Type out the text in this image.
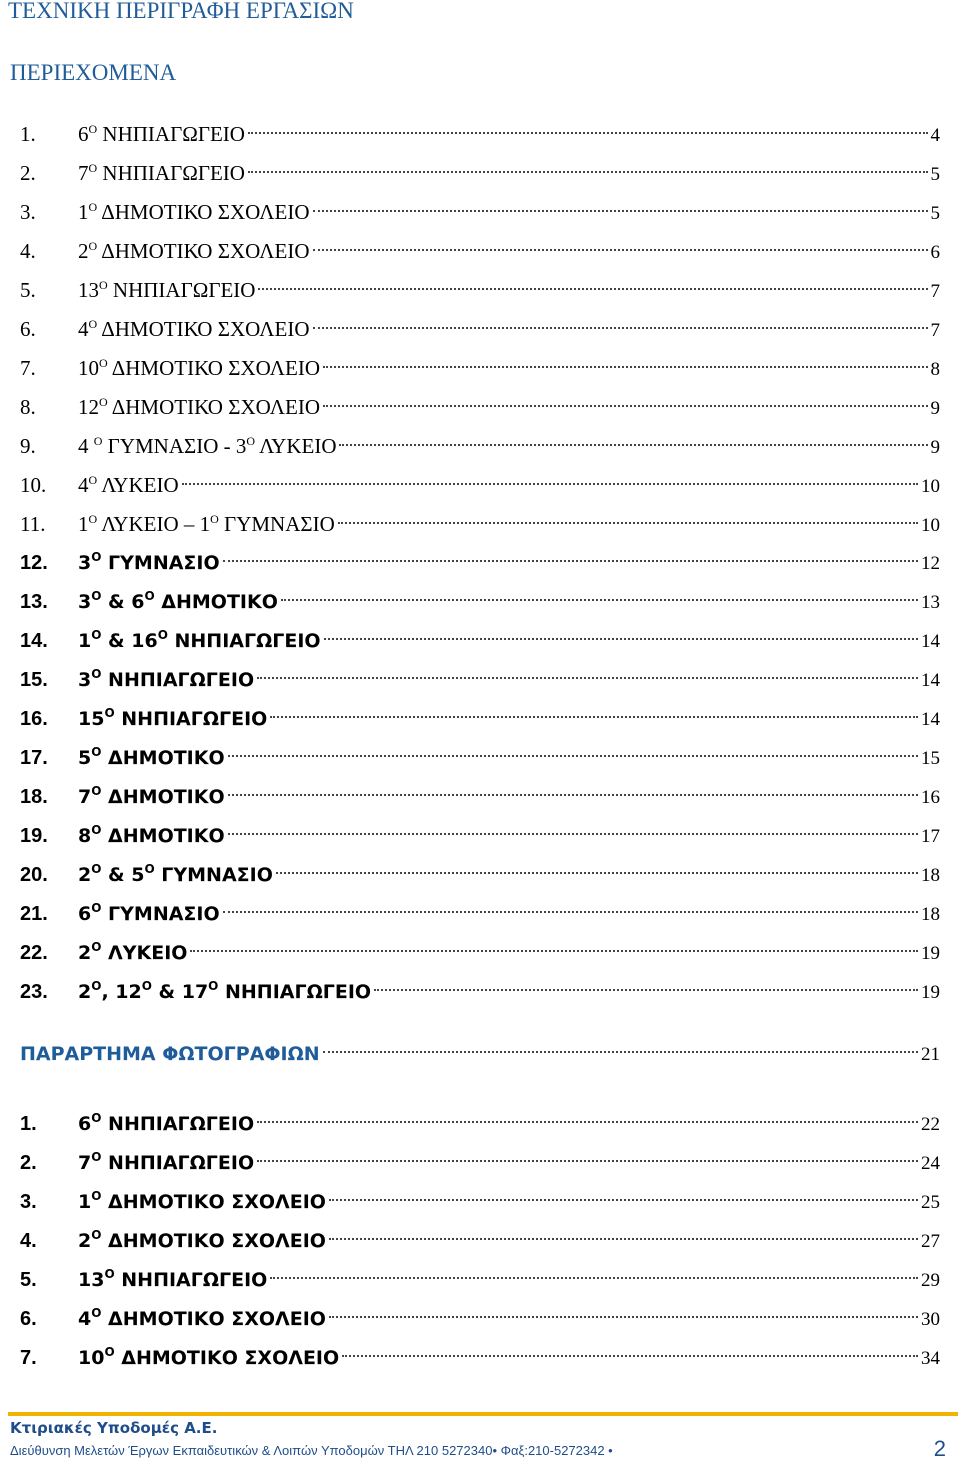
ΤΕΧΝΙΚΗ ΠΕΡΙΓΡΑΦΗ ΕΡΓΑΣΙΩΝ
ΠΕΡΙΕΧΟΜΕΝΑ
1.	$6^O$ ΝΗΠΙΑΓΩΓΕΙΟ	4
2.	$7^O$ ΝΗΠΙΑΓΩΓΕΙΟ	5
3.	$1^O$ ΔΗΜΟΤΙΚΟ ΣΧΟΛΕΙΟ	5
4.	$2^O$ ΔΗΜΟΤΙΚΟ ΣΧΟΛΕΙΟ	6
5.	$13^O$ ΝΗΠΙΑΓΩΓΕΙΟ	7
6.	$4^O$ ΔΗΜΟΤΙΚΟ ΣΧΟΛΕΙΟ	7
7.	$10^O$ ΔΗΜΟΤΙΚΟ ΣΧΟΛΕΙΟ	8
8.	$12^O$ ΔΗΜΟΤΙΚΟ ΣΧΟΛΕΙΟ	9
9.	4 $^O$ ΓΥΜΝΑΣΙΟ - $3^O$ ΛΥΚΕΙΟ	9
10.	$4^O$ ΛΥΚΕΙΟ	10
11.	$1^O$ ΛΥΚΕΙΟ – $1^O$ ΓΥΜΝΑΣΙΟ	10
12.	$3^O$ ΓΥΜΝΑΣΙΟ	12
13.	$3^O$ & $6^O$ ΔΗΜΟΤΙΚΟ	13
14.	$1^O$ & $16^O$ ΝΗΠΙΑΓΩΓΕΙΟ	14
15.	$3^O$ ΝΗΠΙΑΓΩΓΕΙΟ	14
16.	$15^O$ ΝΗΠΙΑΓΩΓΕΙΟ	14
17.	$5^O$ ΔΗΜΟΤΙΚΟ	15
18.	$7^O$ ΔΗΜΟΤΙΚΟ	16
19.	$8^O$ ΔΗΜΟΤΙΚΟ	17
20.	$2^O$ & $5^O$ ΓΥΜΝΑΣΙΟ	18
21.	$6^O$ ΓΥΜΝΑΣΙΟ	18
22.	$2^O$ ΛΥΚΕΙΟ	19
23.	$2^O$, $12^O$ & $17^O$ ΝΗΠΙΑΓΩΓΕΙΟ	19
ΠΑΡΑΡΤΗΜΑ ΦΩΤΟΓΡΑΦΙΩΝ	21
1.	$6^O$ ΝΗΠΙΑΓΩΓΕΙΟ	22
2.	$7^O$ ΝΗΠΙΑΓΩΓΕΙΟ	24
3.	$1^O$ ΔΗΜΟΤΙΚΟ ΣΧΟΛΕΙΟ	25
4.	$2^O$ ΔΗΜΟΤΙΚΟ ΣΧΟΛΕΙΟ	27
5.	$13^O$ ΝΗΠΙΑΓΩΓΕΙΟ	29
6.	$4^O$ ΔΗΜΟΤΙΚΟ ΣΧΟΛΕΙΟ	30
7.	$10^O$ ΔΗΜΟΤΙΚΟ ΣΧΟΛΕΙΟ	34
Κτιριακές Υποδομές Α.Ε.
Διεύθυνση Μελετών Έργων Εκπαιδευτικών & Λοιπών Υποδομών ΤΗΛ 210 5272340• Φαξ:210-5272342 •	2
